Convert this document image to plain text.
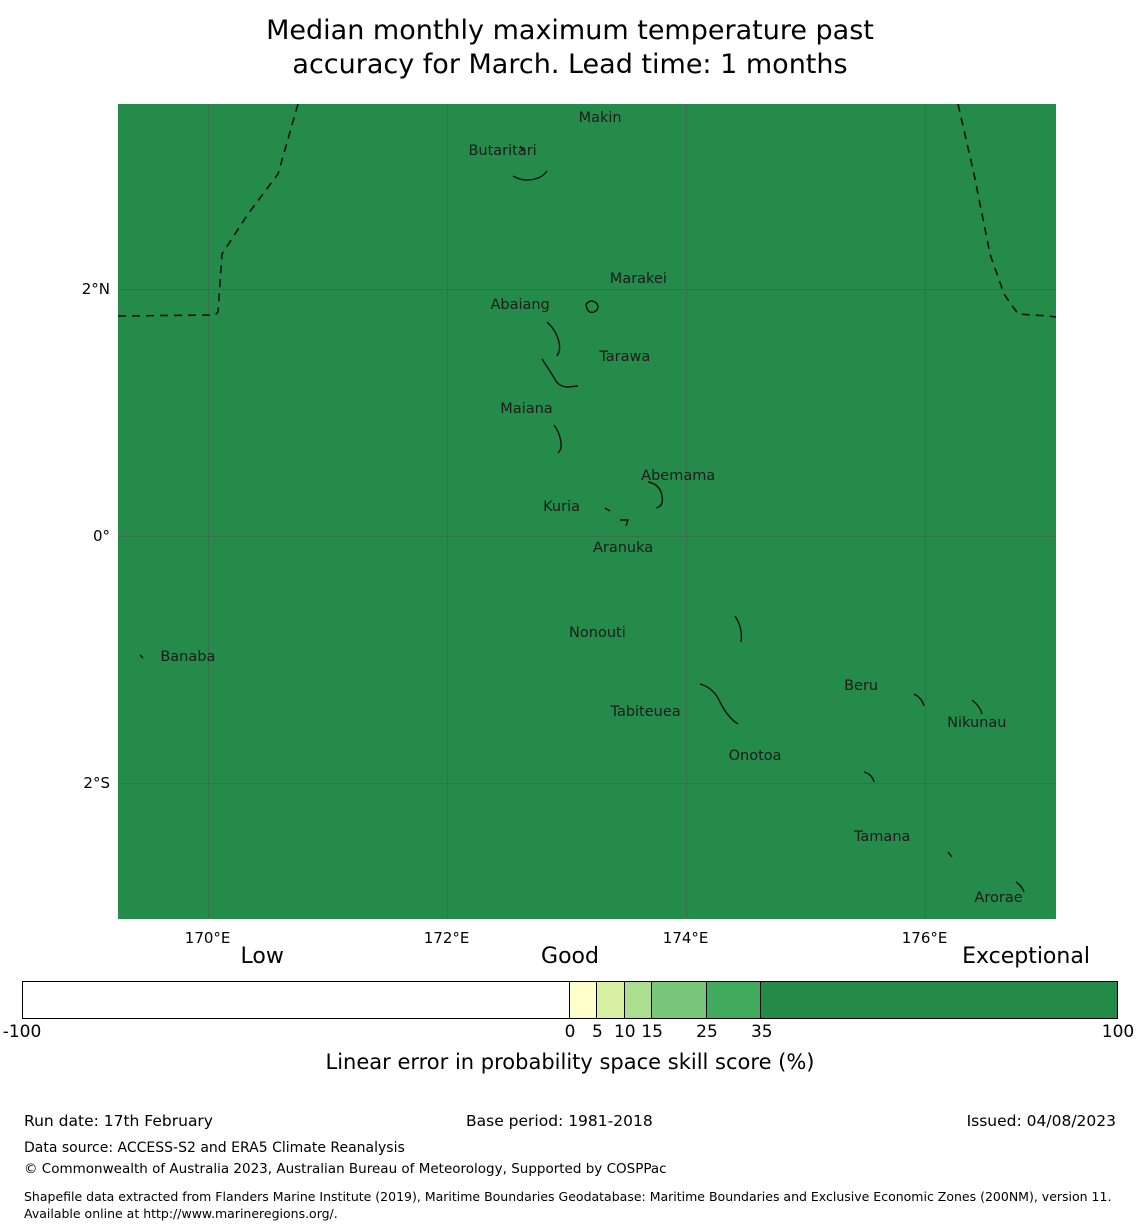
Median monthly maximum temperature past
accuracy for March. Lead time: 1 months
Makin
Butaritari
Marakei
Abaiang
Tarawa
Maiana
Abemama
Kuria
Aranuka
Banaba
Nonouti
Tabiteuea
Beru
Nikunau
Onotoa
Tamana
Arorae
170°E	172°E	174°E	176°E
2°N
0°
2°S
Low	Good	Exceptional
-100	0 5 10 15 25 35	100
Linear error in probability space skill score (%)
Run date: 17th February	Base period: 1981-2018	Issued: 04/08/2023
Data source: ACCESS-S2 and ERA5 Climate Reanalysis
© Commonwealth of Australia 2023, Australian Bureau of Meteorology, Supported by COSPPac
Shapefile data extracted from Flanders Marine Institute (2019), Maritime Boundaries Geodatabase: Maritime Boundaries and Exclusive Economic Zones (200NM), version 11. Available online at http://www.marineregions.org/.
